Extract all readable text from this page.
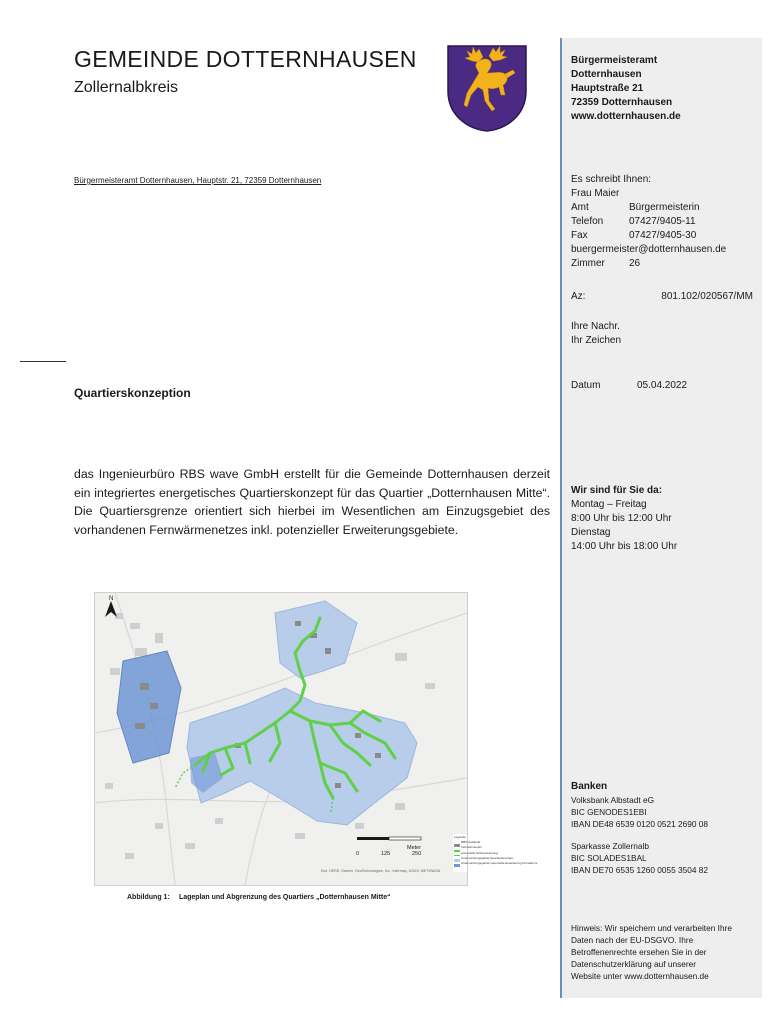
GEMEINDE DOTTERNHAUSEN
Zollernalbkreis
Bürgermeisteramt Dotternhausen, Hauptstr. 21, 72359 Dotternhausen
Quartierskonzeption
das Ingenieurbüro RBS wave GmbH erstellt für die Gemeinde Dotternhausen derzeit ein integriertes energetisches Quartierskonzept für das Quartier „Dotternhausen Mitte“. Die Quartiersgrenze orientiert sich hierbei im Wesentlichen am Einzugsgebiet des vorhandenen Fernwärmenetzes inkl. potenzieller Erweiterungsgebiete.
N
Meter
0	125	250
Esri, HERE, Garmin, GeoTechnologies, Inc., Intermap, USGS, METI/NASA
Legende
RBS Gebäude
Fernwärmenetz
potenzielle Netzerweiterung
Untersuchungsgebiet Quartierskonzept
Untersuchungsgebiet potenzielle Erweiterung Fernwärme
Abbildung 1: Lageplan und Abgrenzung des Quartiers „Dotternhausen Mitte“
Bürgermeisteramt
Dotternhausen
Hauptstraße 21
72359 Dotternhausen
www.dotternhausen.de
Es schreibt Ihnen:
Frau Maier
Amt	Bürgermeisterin
Telefon	07427/9405-11
Fax	07427/9405-30
buergermeister@dotternhausen.de
Zimmer	26
Az:	801.102/020567/MM
Ihre Nachr.
Ihr Zeichen
Datum	05.04.2022
Wir sind für Sie da:
Montag – Freitag
8:00 Uhr bis 12:00 Uhr
Dienstag
14:00 Uhr bis 18:00 Uhr
Banken
Volksbank Albstadt eG
BIC GENODES1EBI
IBAN DE48 6539 0120 0521 2690 08
Sparkasse Zollernalb
BIC SOLADES1BAL
IBAN DE70 6535 1260 0055 3504 82
Hinweis: Wir speichern und verarbeiten Ihre
Daten nach der EU-DSGVO. Ihre
Betroffenenrechte ersehen Sie in der
Datenschutzerklärung auf unserer
Website unter www.dotternhausen.de
